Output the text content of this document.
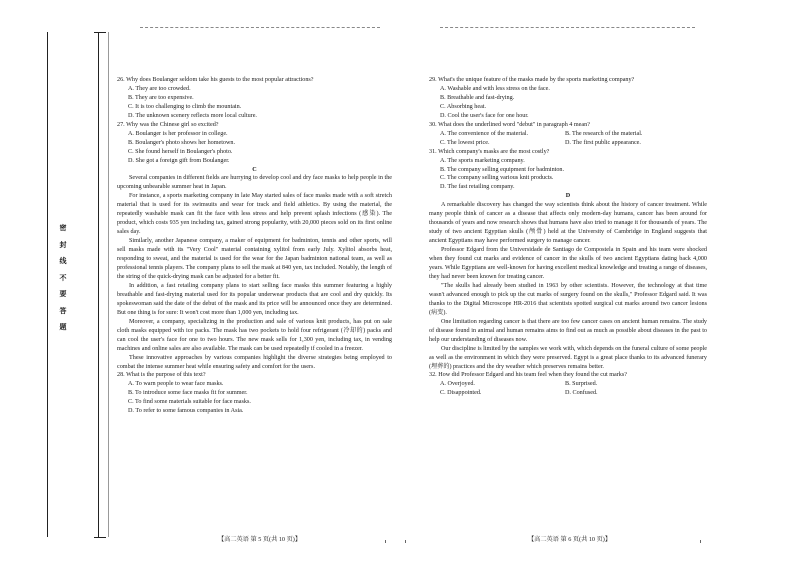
密 封 线 不 要 答 题

26. Why does Boulanger seldom take his guests to the most popular attractions?

A. They are too crowded.

B. They are too expensive.

C. It is too challenging to climb the mountain.

D. The unknown scenery reflects more local culture.

27. Why was the Chinese girl so excited?

A. Boulanger is her professor in college.

B. Boulanger's photo shows her hometown.

C. She found herself in Boulanger's photo.

D. She got a foreign gift from Boulanger.

C

Several companies in different fields are hurrying to develop cool and dry face masks to help people in the upcoming unbearable summer heat in Japan.

For instance, a sports marketing company in late May started sales of face masks made with a soft stretch material that is used for its swimsuits and wear for track and field athletics. By using the material, the repeatedly washable mask can fit the face with less stress and help prevent splash infections (感染). The product, which costs 935 yen including tax, gained strong popularity, with 20,000 pieces sold on its first online sales day.

Similarly, another Japanese company, a maker of equipment for badminton, tennis and other sports, will sell masks made with its "Very Cool" material containing xylitol from early July. Xylitol absorbs heat, responding to sweat, and the material is used for the wear for the Japan badminton national team, as well as professional tennis players. The company plans to sell the mask at 840 yen, tax included. Notably, the length of the string of the quick-drying mask can be adjusted for a better fit.

In addition, a fast retailing company plans to start selling face masks this summer featuring a highly breathable and fast-drying material used for its popular underwear products that are cool and dry quickly. Its spokeswoman said the date of the debut of the mask and its price will be announced once they are determined. But one thing is for sure: It won't cost more than 1,000 yen, including tax.

Moreover, a company, specializing in the production and sale of various knit products, has put on sale cloth masks equipped with ice packs. The mask has two pockets to hold four refrigerant (冷却的) packs and can cool the user's face for one to two hours. The new mask sells for 1,300 yen, including tax, in vending machines and online sales are also available. The mask can be used repeatedly if cooled in a freezer.

These innovative approaches by various companies highlight the diverse strategies being employed to combat the intense summer heat while ensuring safety and comfort for the users.

28. What is the purpose of this text?

A. To warn people to wear face masks.

B. To introduce some face masks fit for summer.

C. To find some materials suitable for face masks.

D. To refer to some famous companies in Asia.

29. What's the unique feature of the masks made by the sports marketing company?

A. Washable and with less stress on the face.

B. Breathable and fast-drying.

C. Absorbing heat.

D. Cool the user's face for one hour.

30. What does the underlined word "debut" in paragraph 4 mean?

A. The convenience of the material.	B. The research of the material.
C. The lowest price.	D. The first public appearance.

31. Which company's masks are the most costly?

A. The sports marketing company.

B. The company selling equipment for badminton.

C. The company selling various knit products.

D. The fast retailing company.

D

A remarkable discovery has changed the way scientists think about the history of cancer treatment. While many people think of cancer as a disease that affects only modern-day humans, cancer has been around for thousands of years and now research shows that humans have also tried to manage it for thousands of years. The study of two ancient Egyptian skulls (颅骨) held at the University of Cambridge in England suggests that ancient Egyptians may have performed surgery to manage cancer.

Professor Edgard from the Universidade de Santiago de Compostela in Spain and his team were shocked when they found cut marks and evidence of cancer in the skulls of two ancient Egyptians dating back 4,000 years. While Egyptians are well-known for having excellent medical knowledge and treating a range of diseases, they had never been known for treating cancer.

"The skulls had already been studied in 1963 by other scientists. However, the technology at that time wasn't advanced enough to pick up the cut marks of surgery found on the skulls," Professor Edgard said. It was thanks to the Digital Microscope HR-2016 that scientists spotted surgical cut marks around two cancer lesions (病变).

One limitation regarding cancer is that there are too few cancer cases on ancient human remains. The study of disease found in animal and human remains aims to find out as much as possible about diseases in the past to help our understanding of diseases now.

Our discipline is limited by the samples we work with, which depends on the funeral culture of some people as well as the environment in which they were preserved. Egypt is a great place thanks to its advanced funerary (埋葬的) practices and the dry weather which preserves remains better.

32. How did Professor Edgard and his team feel when they found the cut marks?

A. Overjoyed.	B. Surprised.
C. Disappointed.	D. Confused.
【高二英语 第 5 页(共 10 页)】	【高二英语 第 6 页(共 10 页)】
